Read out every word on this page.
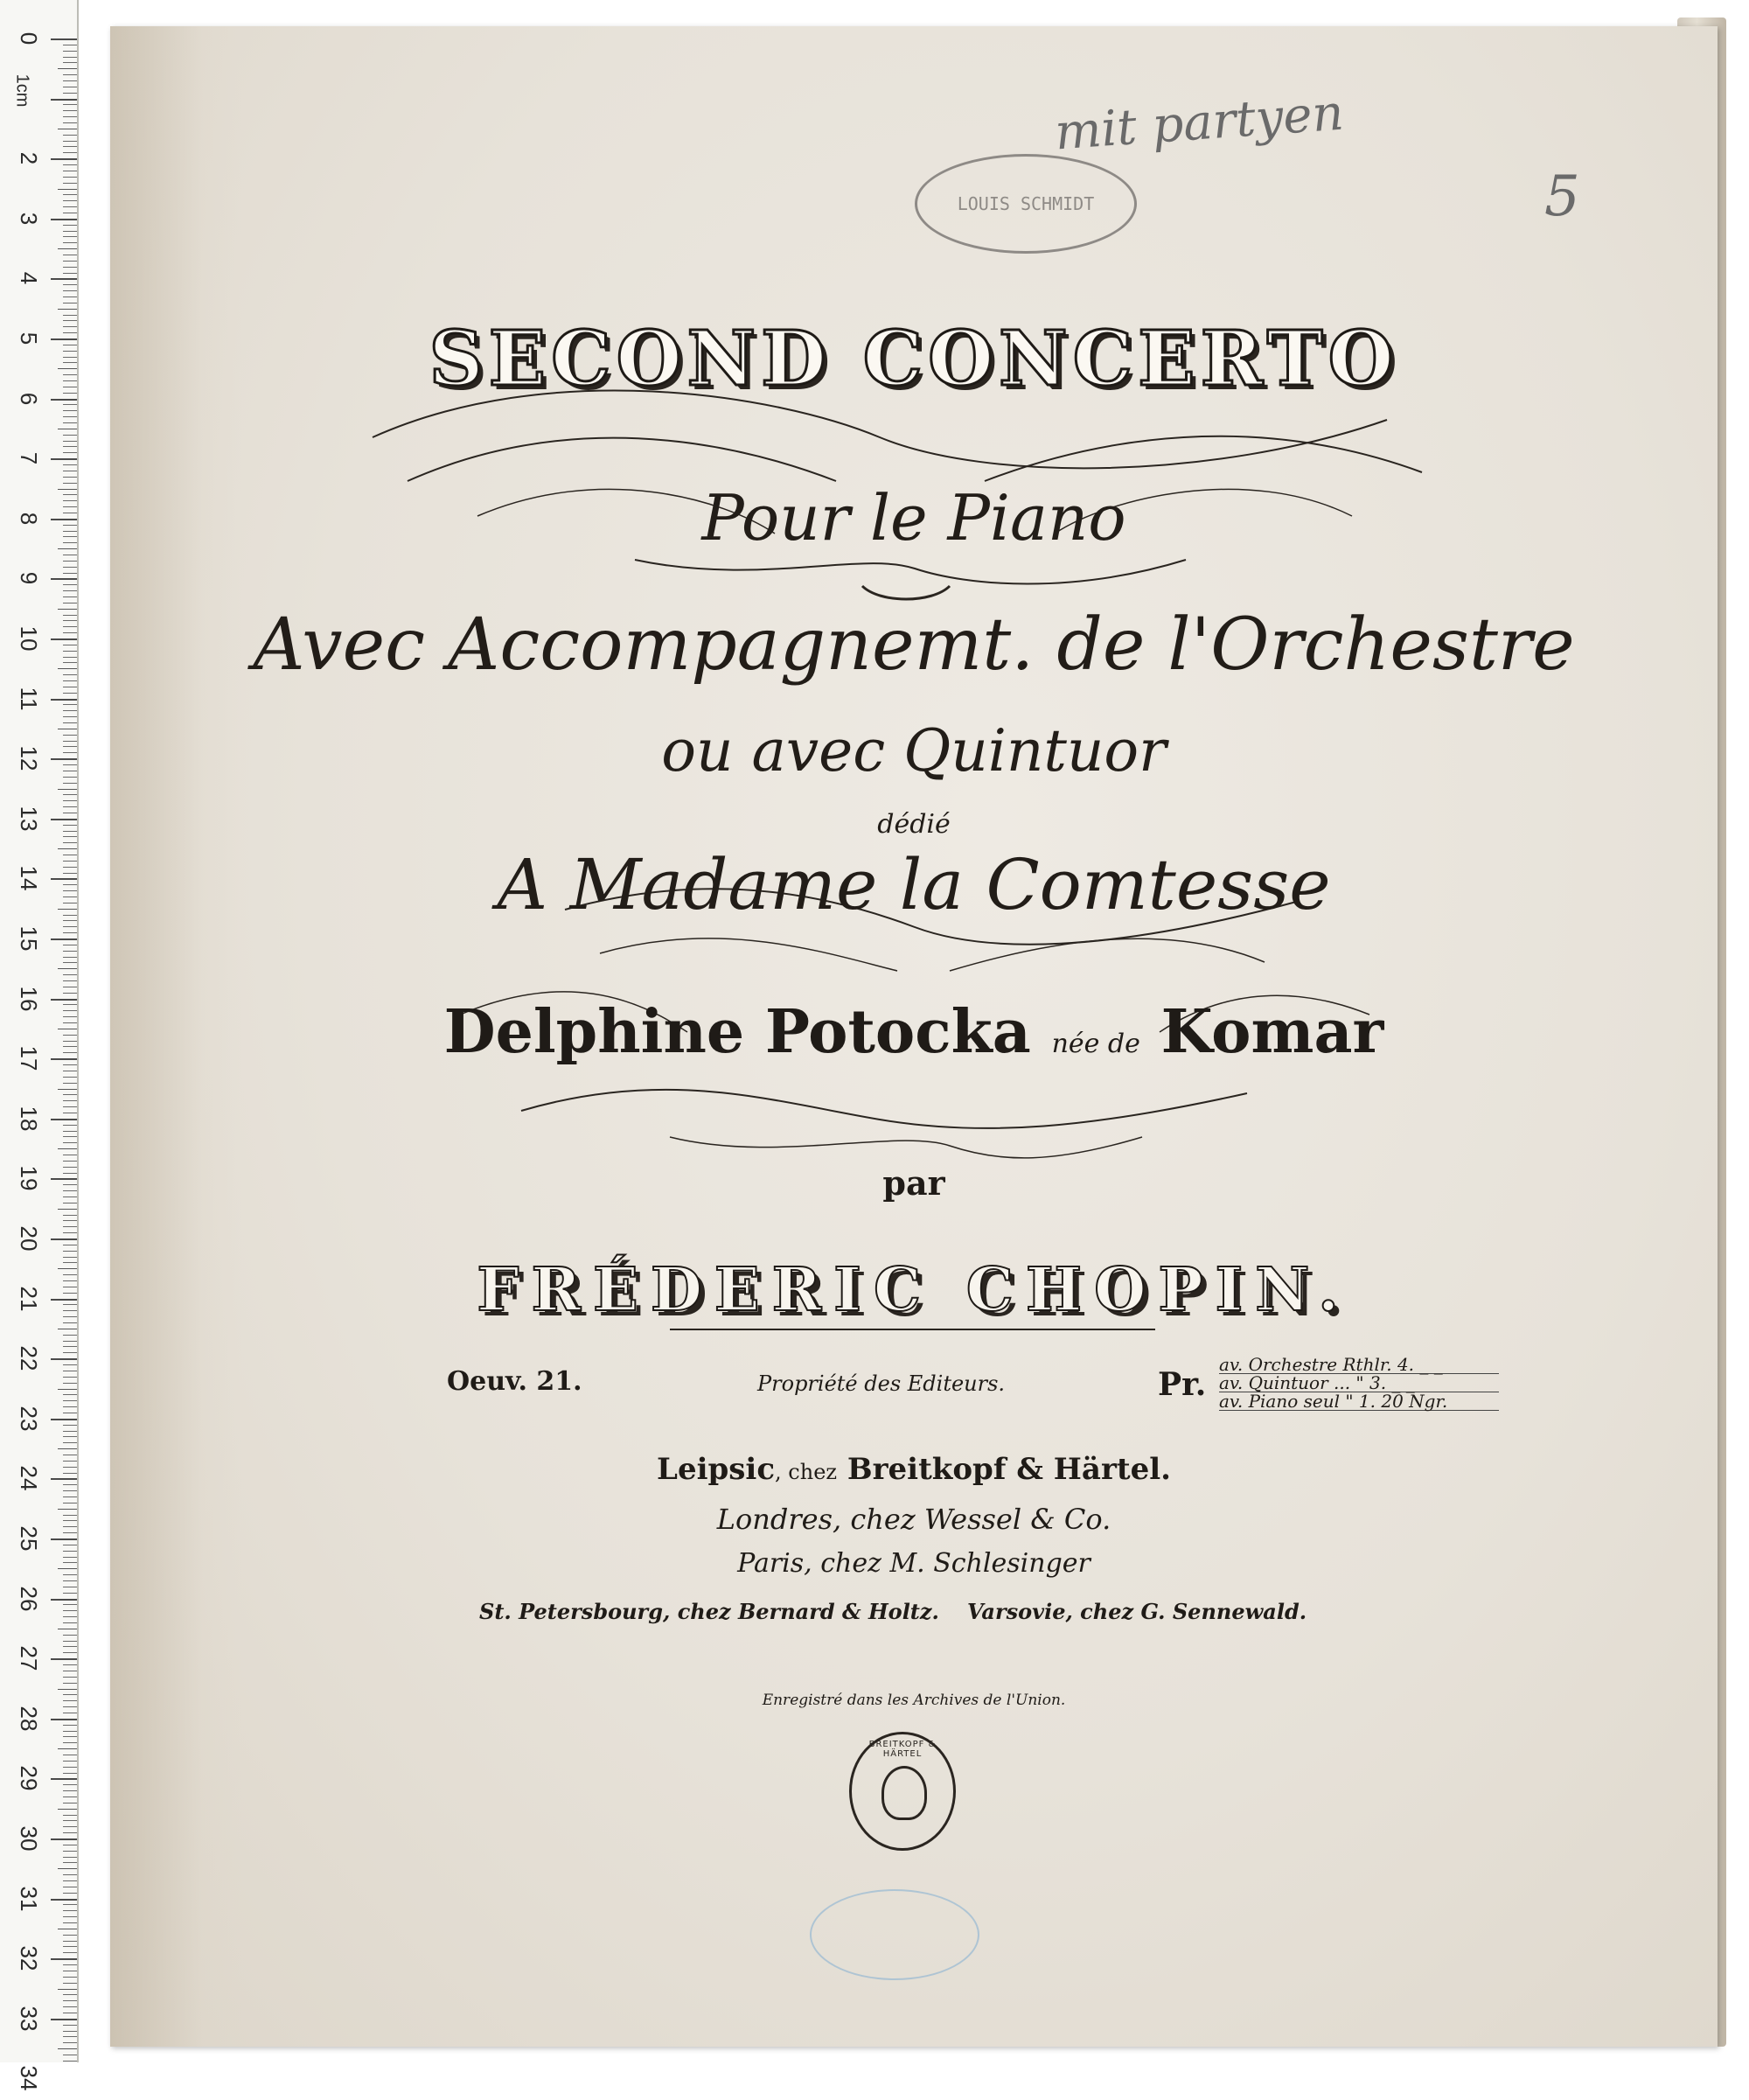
1cm
0
2
3
4
5
6
7
8
9
10
11
12
13
14
15
16
17
18
19
20
21
22
23
24
25
26
27
28
29
30
31
32
33
34
mit partyen
5
LOUIS SCHMIDT
SECOND CONCERTO
Pour le Piano
Avec Accompagnemt. de l'Orchestre
ou avec Quintuor
dédié
A Madame la Comtesse
Delphine Potocka née de Komar
par
FRÉDERIC CHOPIN.
Oeuv. 21.	Propriété des Editeurs.	Pr.
av. Orchestre Rthlr. 4. _ _
av. Quintuor ... " 3. _ _
av. Piano seul " 1. 20 Ngr.
Leipsic, chez Breitkopf & Härtel.
Londres, chez Wessel & Co.
Paris, chez M. Schlesinger
St. Petersbourg, chez Bernard & Holtz. Varsovie, chez G. Sennewald.
Enregistré dans les Archives de l'Union.
BREITKOPF & HÄRTEL
